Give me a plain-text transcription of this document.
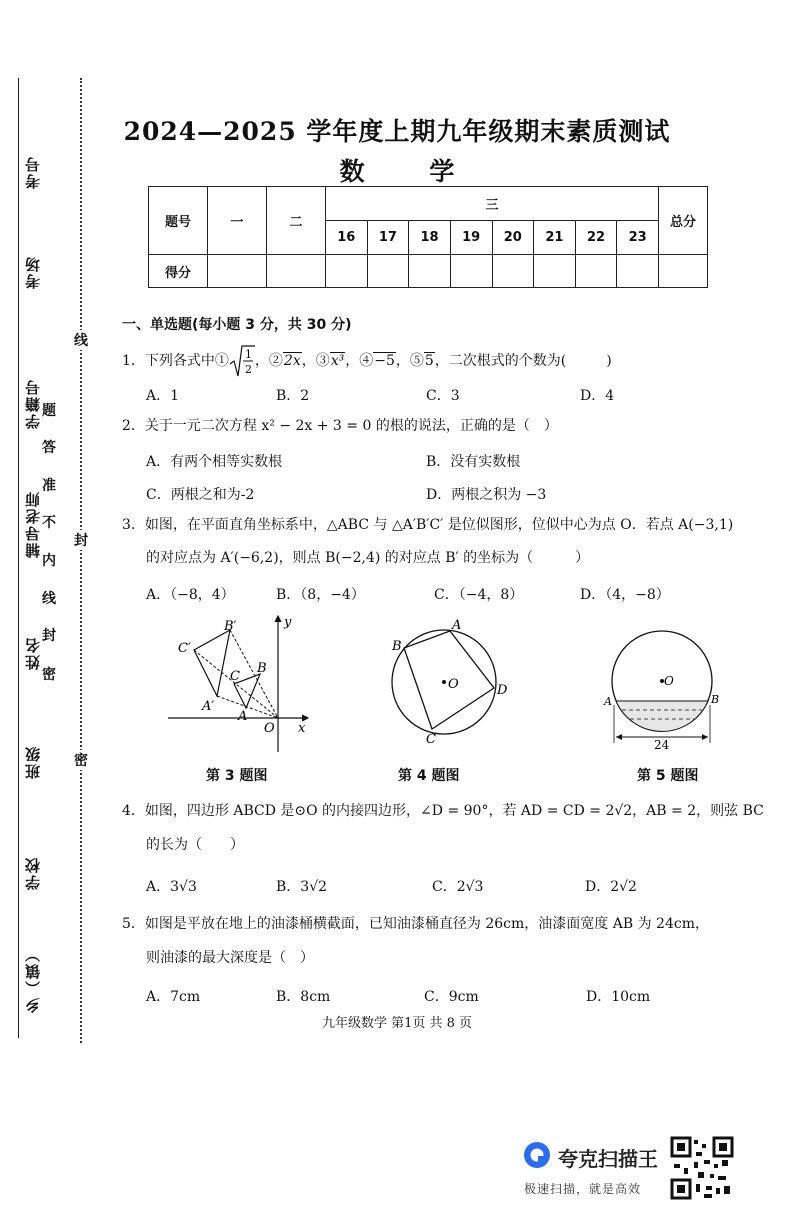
考号
考场
学籍号
辅导老师
姓名
班级
学校
乡（镇）
密
封
线
内
不
准
答
题
线
封
密
2024—2025 学年度上期九年级期末素质测试
数 学
题号	一	二	三								总分
			16	17	18	19	20	21	22	23	
得分											
一、单选题(每小题 3 分，共 30 分)
1．下列各式中① 1
2
，②2x，③x³，④−5，⑤5，二次根式的个数为(	)
A．1	B．2	C．3	D．4
2．关于一元二次方程 x² − 2x + 3 = 0 的根的说法，正确的是（　）
A．有两个相等实数根	B．没有实数根
C．两根之和为-2	D．两根之积为 −3
3．如图，在平面直角坐标系中，△ABC 与 △A′B′C′ 是位似图形，位似中心为点 O．若点 A(−3,1)
的对应点为 A′(−6,2)，则点 B(−2,4) 的对应点 B′ 的坐标为（　　　）
A．（−8，4）	B．（8，−4）	C．（−4，8）	D．（4，−8）
y
x
O
A
B
C
A′
B′
C′
A
B
C
D
O	O
A	B
24
第 3 题图	第 4 题图	第 5 题图
4．如图，四边形 ABCD 是⊙O 的内接四边形，∠D = 90°，若 AD = CD = 2√2，AB = 2，则弦 BC
的长为（　　）
A．3√3	B．3√2	C．2√3	D．2√2
5．如图是平放在地上的油漆桶横截面，已知油漆桶直径为 26cm，油漆面宽度 AB 为 24cm，
则油漆的最大深度是（　）
A．7cm	B．8cm	C．9cm	D．10cm
九年级数学 第1页 共 8 页
夸克扫描王
极速扫描，就是高效
